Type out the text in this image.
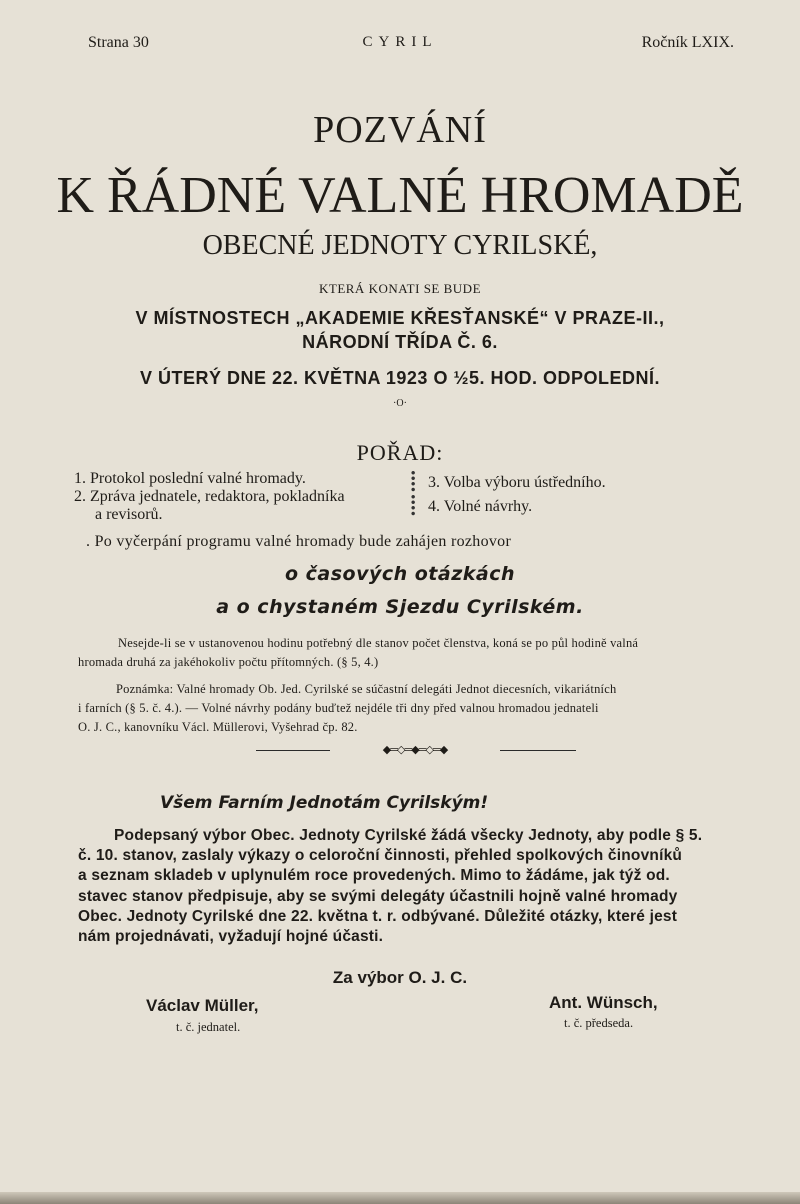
Strana 30	CYRIL	Ročník LXIX.
POZVÁNÍ
K ŘÁDNÉ VALNÉ HROMADĚ
OBECNÉ JEDNOTY CYRILSKÉ,
KTERÁ KONATI SE BUDE
V MÍSTNOSTECH „AKADEMIE KŘESŤANSKÉ“ V PRAZE-II.,
NÁRODNÍ TŘÍDA Č. 6.
V ÚTERÝ DNE 22. KVĚTNA 1923 O ½5. HOD. ODPOLEDNÍ.
·O·
POŘAD:
1. Protokol poslední valné hromady.
2. Zpráva jednatele, redaktora, pokladníka
a revisorů.
⁞
⁞
3. Volba výboru ústředního.
4. Volné návrhy.
. Po vyčerpání programu valné hromady bude zahájen rozhovor
o časových otázkách
a o chystaném Sjezdu Cyrilském.
Nesejde-li se v ustanovenou hodinu potřebný dle stanov počet členstva, koná se po půl hodině valná
hromada druhá za jakéhokoliv počtu přítomných. (§ 5, 4.)
Poznámka: Valné hromady Ob. Jed. Cyrilské se súčastní delegáti Jednot diecesních, vikariátních
i farních (§ 5. č. 4.). — Volné návrhy podány buďtež nejdéle tři dny před valnou hromadou jednateli
O. J. C., kanovníku Václ. Müllerovi, Vyšehrad čp. 82.
◆═◇═◆═◇═◆
Všem Farním Jednotám Cyrilským!
Podepsaný výbor Obec. Jednoty Cyrilské žádá všecky Jednoty, aby podle § 5.
č. 10. stanov, zaslaly výkazy o celoroční činnosti, přehled spolkových činovníků
a seznam skladeb v uplynulém roce provedených. Mimo to žádáme, jak týž od.
stavec stanov předpisuje, aby se svými delegáty účastnili hojně valné hromady
Obec. Jednoty Cyrilské dne 22. května t. r. odbývané. Důležité otázky, které jest
nám projednávati, vyžadují hojné účasti.
Za výbor O. J. C.
Václav Müller,
t. č. jednatel.
Ant. Wünsch,
t. č. předseda.
